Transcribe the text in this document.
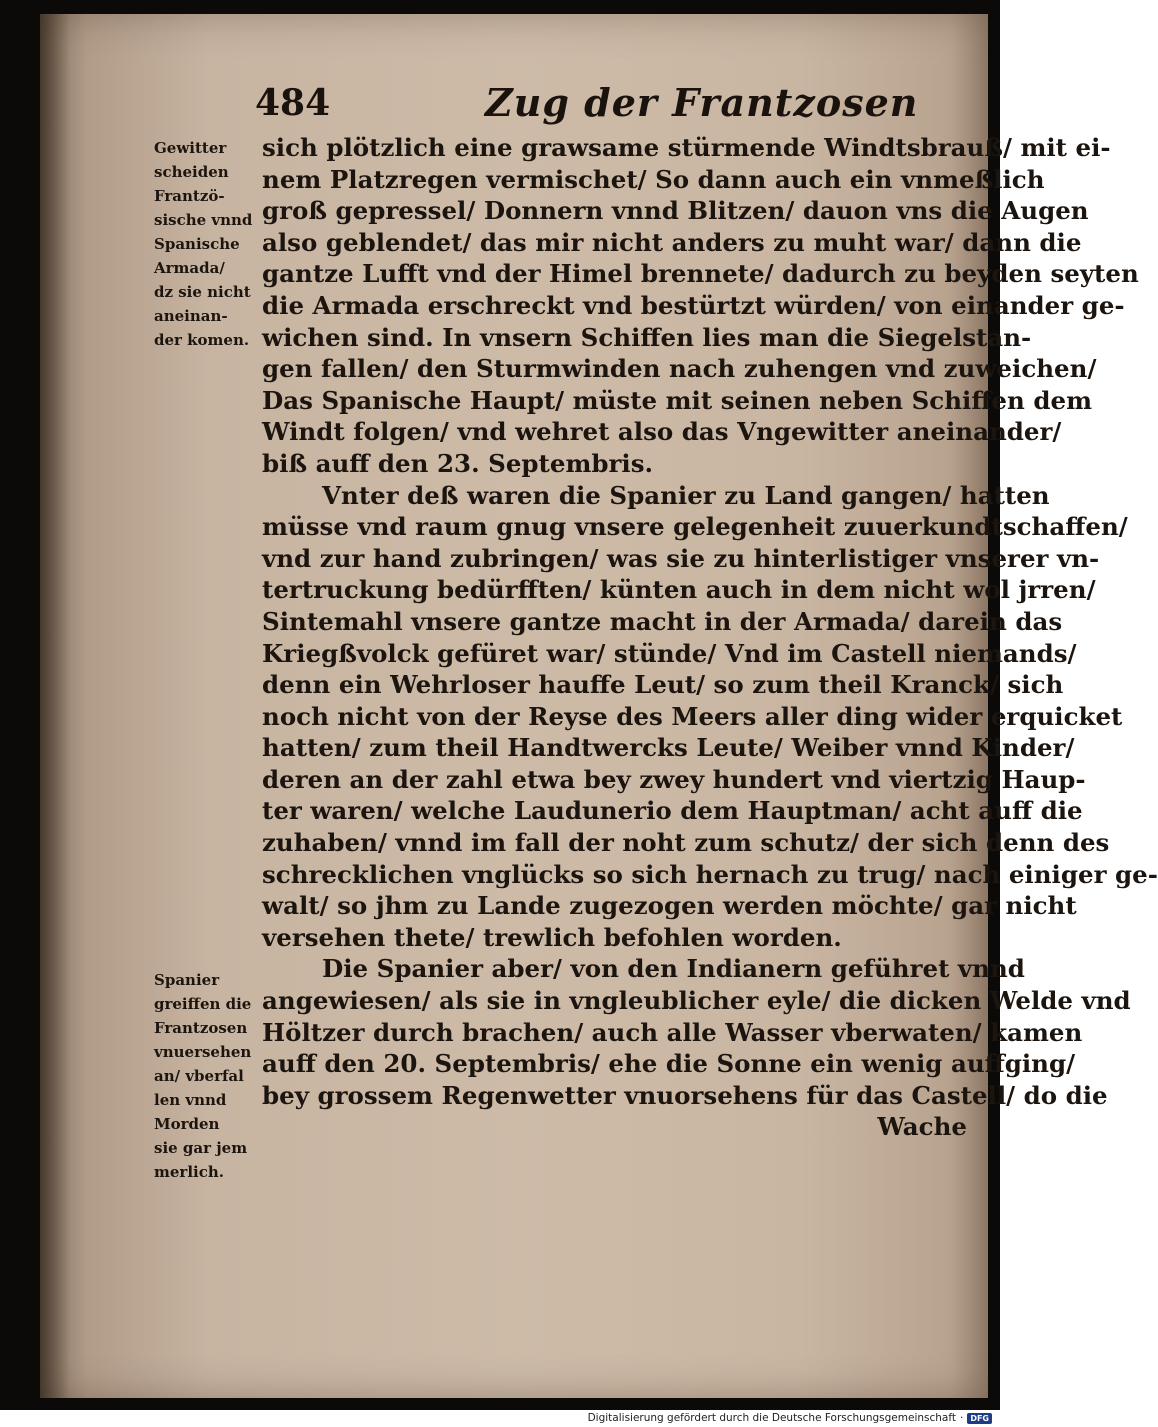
484	Zug der Frantzosen
Gewitter
scheiden
Frantzö-
sische vnnd
Spanische
Armada/
dz sie nicht
aneinan-
der komen.
Spanier
greiffen die
Frantzosen
vnuersehen
an/ vberfal
len vnnd
Morden
sie gar jem
merlich.
sich plötzlich eine grawsame stürmende Windtsbrauß/ mit ei-
nem Platzregen vermischet/ So dann auch ein vnmeßlich
groß gepressel/ Donnern vnnd Blitzen/ dauon vns die Augen
also geblendet/ das mir nicht anders zu muht war/ dann die
gantze Lufft vnd der Himel brennete/ dadurch zu beyden seyten
die Armada erschreckt vnd bestürtzt würden/ von einander ge-
wichen sind. In vnsern Schiffen lies man die Siegelstan-
gen fallen/ den Sturmwinden nach zuhengen vnd zuweichen/
Das Spanische Haupt/ müste mit seinen neben Schiffen dem
Windt folgen/ vnd wehret also das Vngewitter aneinander/
biß auff den 23. Septembris.
Vnter deß waren die Spanier zu Land gangen/ hatten
müsse vnd raum gnug vnsere gelegenheit zuuerkundtschaffen/
vnd zur hand zubringen/ was sie zu hinterlistiger vnserer vn-
tertruckung bedürfften/ künten auch in dem nicht wol jrren/
Sintemahl vnsere gantze macht in der Armada/ darein das
Kriegßvolck gefüret war/ stünde/ Vnd im Castell niemands/
denn ein Wehrloser hauffe Leut/ so zum theil Kranck/ sich
noch nicht von der Reyse des Meers aller ding wider erquicket
hatten/ zum theil Handtwercks Leute/ Weiber vnnd Kinder/
deren an der zahl etwa bey zwey hundert vnd viertzig Haup-
ter waren/ welche Laudunerio dem Hauptman/ acht auff die
zuhaben/ vnnd im fall der noht zum schutz/ der sich denn des
schrecklichen vnglücks so sich hernach zu trug/ nach einiger ge-
walt/ so jhm zu Lande zugezogen werden möchte/ gar nicht
versehen thete/ trewlich befohlen worden.
Die Spanier aber/ von den Indianern geführet vnnd
angewiesen/ als sie in vngleublicher eyle/ die dicken Welde vnd
Höltzer durch brachen/ auch alle Wasser vberwaten/ kamen
auff den 20. Septembris/ ehe die Sonne ein wenig auffging/
bey grossem Regenwetter vnuorsehens für das Castell/ do die
Wache
Digitalisierung gefördert durch die Deutsche Forschungsgemeinschaft · DFG
